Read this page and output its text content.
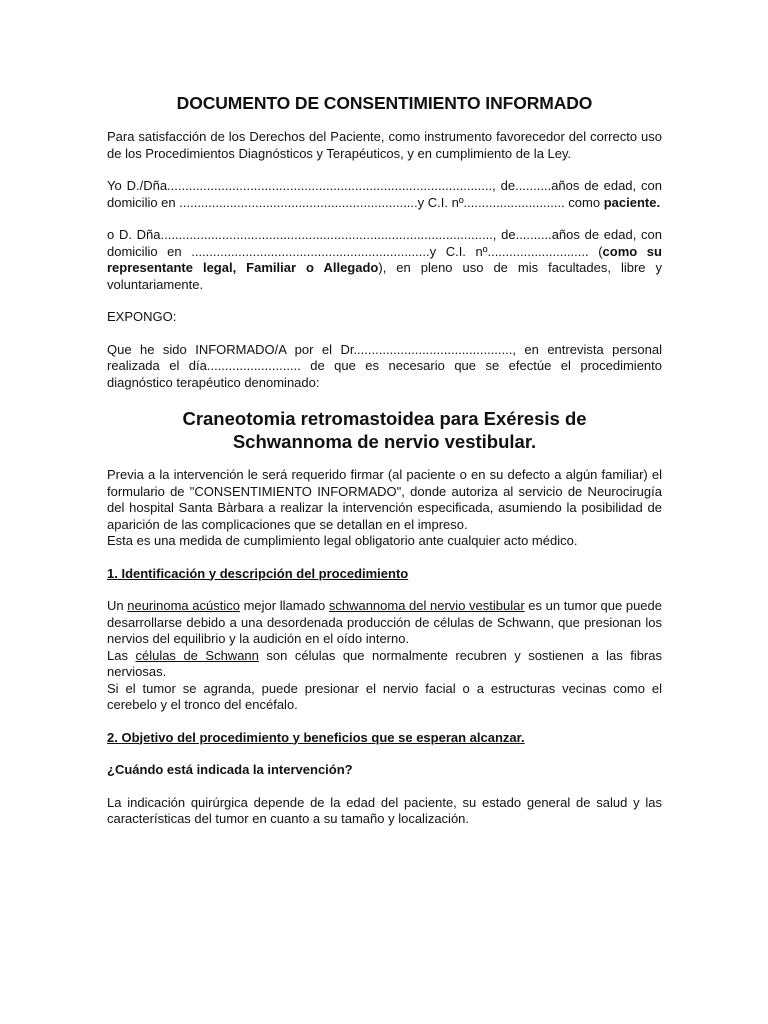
DOCUMENTO DE CONSENTIMIENTO INFORMADO

Para satisfacción de los Derechos del Paciente, como instrumento favorecedor del correcto uso de los Procedimientos Diagnósticos y Terapéuticos, y en cumplimiento de la Ley.

Yo D./Dña.........................................................................................., de..........años de edad, con domicilio en ..................................................................y C.I. nº............................ como paciente.

o D. Dña............................................................................................, de..........años de edad, con domicilio en ..................................................................y C.I. nº............................ (como su representante legal, Familiar o Allegado), en pleno uso de mis facultades, libre y voluntariamente.

EXPONGO:

Que he sido INFORMADO/A por el Dr............................................, en entrevista personal realizada el día.......................... de que es necesario que se efectúe el procedimiento diagnóstico terapéutico denominado:

Craneotomia retromastoidea para Exéresis de
Schwannoma de nervio vestibular.

Previa a la intervención le será requerido firmar (al paciente o en su defecto a algún familiar) el formulario de "CONSENTIMIENTO INFORMADO", donde autoriza al servicio de Neurocirugía del hospital Santa Bàrbara a realizar la intervención especificada, asumiendo la posibilidad de aparición de las complicaciones que se detallan en el impreso.
Esta es una medida de cumplimiento legal obligatorio ante cualquier acto médico.

1. Identificación y descripción del procedimiento

Un neurinoma acústico mejor llamado schwannoma del nervio vestibular es un tumor que puede desarrollarse debido a una desordenada producción de células de Schwann, que presionan los nervios del equilibrio y la audición en el oído interno.
Las células de Schwann son células que normalmente recubren y sostienen a las fibras nerviosas.
Si el tumor se agranda, puede presionar el nervio facial o a estructuras vecinas como el cerebelo y el tronco del encéfalo.

2. Objetivo del procedimiento y beneficios que se esperan alcanzar.
¿Cuándo está indicada la intervención?

La indicación quirúrgica depende de la edad del paciente, su estado general de salud y las características del tumor en cuanto a su tamaño y localización.
